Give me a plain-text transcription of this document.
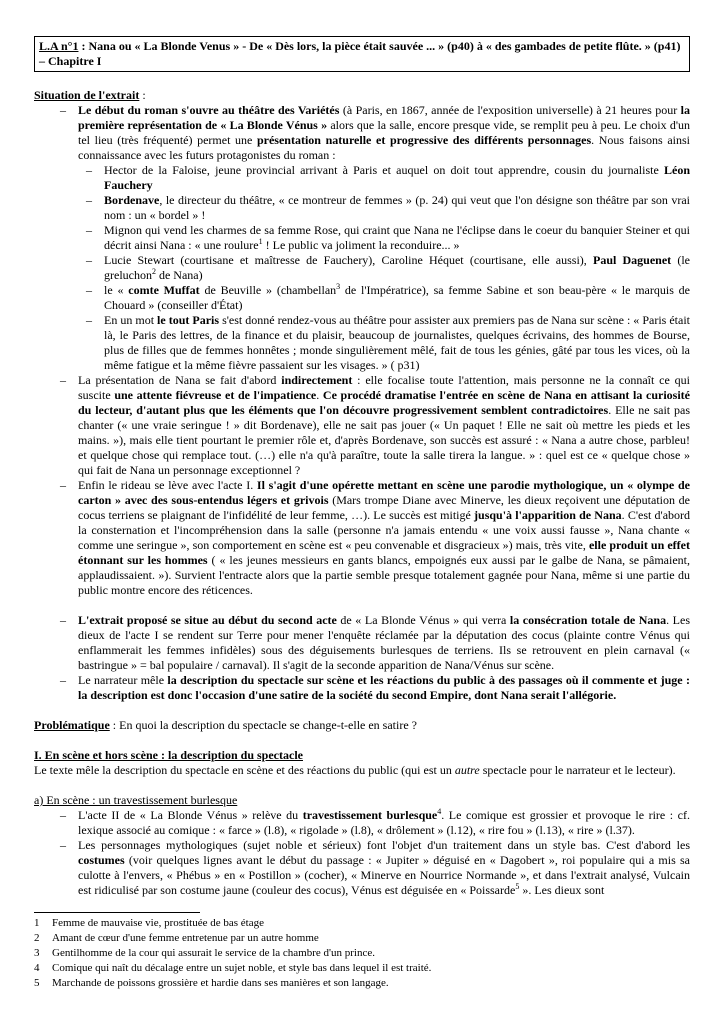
L.A n°1 : Nana ou « La Blonde Venus » - De « Dès lors, la pièce était sauvée ... » (p40) à « des gambades de petite flûte. » (p41) – Chapitre I

Situation de l'extrait :

– Le début du roman s'ouvre au théâtre des Variétés (à Paris, en 1867, année de l'exposition universelle) à 21 heures pour la première représentation de « La Blonde Vénus » alors que la salle, encore presque vide, se remplit peu à peu. Le choix d'un tel lieu (très fréquenté) permet une présentation naturelle et progressive des différents personnages. Nous faisons ainsi connaissance avec les futurs protagonistes du roman :
– Hector de la Faloise, jeune provincial arrivant à Paris et auquel on doit tout apprendre, cousin du journaliste Léon Fauchery
– Bordenave, le directeur du théâtre, « ce montreur de femmes » (p. 24) qui veut que l'on désigne son théâtre par son vrai nom : un « bordel » !
– Mignon qui vend les charmes de sa femme Rose, qui craint que Nana ne l'éclipse dans le coeur du banquier Steiner et qui décrit ainsi Nana : « une roulure$^1$ ! Le public va joliment la reconduire... »
– Lucie Stewart (courtisane et maîtresse de Fauchery), Caroline Héquet (courtisane, elle aussi), Paul Daguenet (le greluchon$^2$ de Nana)
– le « comte Muffat de Beuville » (chambellan$^3$ de l'Impératrice), sa femme Sabine et son beau-père « le marquis de Chouard » (conseiller d'État)
– En un mot le tout Paris s'est donné rendez-vous au théâtre pour assister aux premiers pas de Nana sur scène : « Paris était là, le Paris des lettres, de la finance et du plaisir, beaucoup de journalistes, quelques écrivains, des hommes de Bourse, plus de filles que de femmes honnêtes ; monde singulièrement mêlé, fait de tous les génies, gâté par tous les vices, où la même fatigue et la même fièvre passaient sur les visages. » ( p31)
– La présentation de Nana se fait d'abord indirectement : elle focalise toute l'attention, mais personne ne la connaît ce qui suscite une attente fiévreuse et de l'impatience. Ce procédé dramatise l'entrée en scène de Nana en attisant la curiosité du lecteur, d'autant plus que les éléments que l'on découvre progressivement semblent contradictoires. Elle ne sait pas chanter (« une vraie seringue ! » dit Bordenave), elle ne sait pas jouer (« Un paquet ! Elle ne sait où mettre les pieds et les mains. »), mais elle tient pourtant le premier rôle et, d'après Bordenave, son succès est assuré : « Nana a autre chose, parbleu! et quelque chose qui remplace tout. (…) elle n'a qu'à paraître, toute la salle tirera la langue. » : quel est ce « quelque chose » qui fait de Nana un personnage exceptionnel ?
– Enfin le rideau se lève avec l'acte I. Il s'agit d'une opérette mettant en scène une parodie mythologique, un « olympe de carton » avec des sous-entendus légers et grivois (Mars trompe Diane avec Minerve, les dieux reçoivent une députation de cocus terriens se plaignant de l'infidélité de leur femme, …). Le succès est mitigé jusqu'à l'apparition de Nana. C'est d'abord la consternation et l'incompréhension dans la salle (personne n'a jamais entendu « une voix aussi fausse », Nana chante « comme une seringue », son comportement en scène est « peu convenable et disgracieux ») mais, très vite, elle produit un effet étonnant sur les hommes ( « les jeunes messieurs en gants blancs, empoignés eux aussi par le galbe de Nana, se pâmaient, applaudissaient. »). Survient l'entracte alors que la partie semble presque totalement gagnée pour Nana, même si une partie du public montre encore des réticences.
– L'extrait proposé se situe au début du second acte de « La Blonde Vénus » qui verra la consécration totale de Nana. Les dieux de l'acte I se rendent sur Terre pour mener l'enquête réclamée par la députation des cocus (plainte contre Vénus qui enflammerait les femmes infidèles) sous des déguisements burlesques de terriens. Ils se retrouvent en plein carnaval (« bastringue » = bal populaire / carnaval). Il s'agit de la seconde apparition de Nana/Vénus sur scène.
– Le narrateur mêle la description du spectacle sur scène et les réactions du public à des passages où il commente et juge : la description est donc l'occasion d'une satire de la société du second Empire, dont Nana serait l'allégorie.

Problématique : En quoi la description du spectacle se change-t-elle en satire ?

I. En scène et hors scène : la description du spectacle

Le texte mêle la description du spectacle en scène et des réactions du public (qui est un autre spectacle pour le narrateur et le lecteur).

a) En scène : un travestissement burlesque

– L'acte II de « La Blonde Vénus » relève du travestissement burlesque$^4$. Le comique est grossier et provoque le rire : cf. lexique associé au comique : « farce » (l.8), « rigolade » (l.8), « drôlement » (l.12), « rire fou » (l.13), « rire » (l.37).
– Les personnages mythologiques (sujet noble et sérieux) font l'objet d'un traitement dans un style bas. C'est d'abord les costumes (voir quelques lignes avant le début du passage : « Jupiter » déguisé en « Dagobert », roi populaire qui a mis sa culotte à l'envers, « Phébus » en « Postillon » (cocher), « Minerve en Nourrice Normande », et dans l'extrait analysé, Vulcain est ridiculisé par son costume jaune (couleur des cocus), Vénus est déguisée en « Poissarde$^5$ ». Les dieux sont
1	Femme de mauvaise vie, prostituée de bas étage
2	Amant de cœur d'une femme entretenue par un autre homme
3	Gentilhomme de la cour qui assurait le service de la chambre d'un prince.
4	Comique qui naît du décalage entre un sujet noble, et style bas dans lequel il est traité.
5	Marchande de poissons grossière et hardie dans ses manières et son langage.
